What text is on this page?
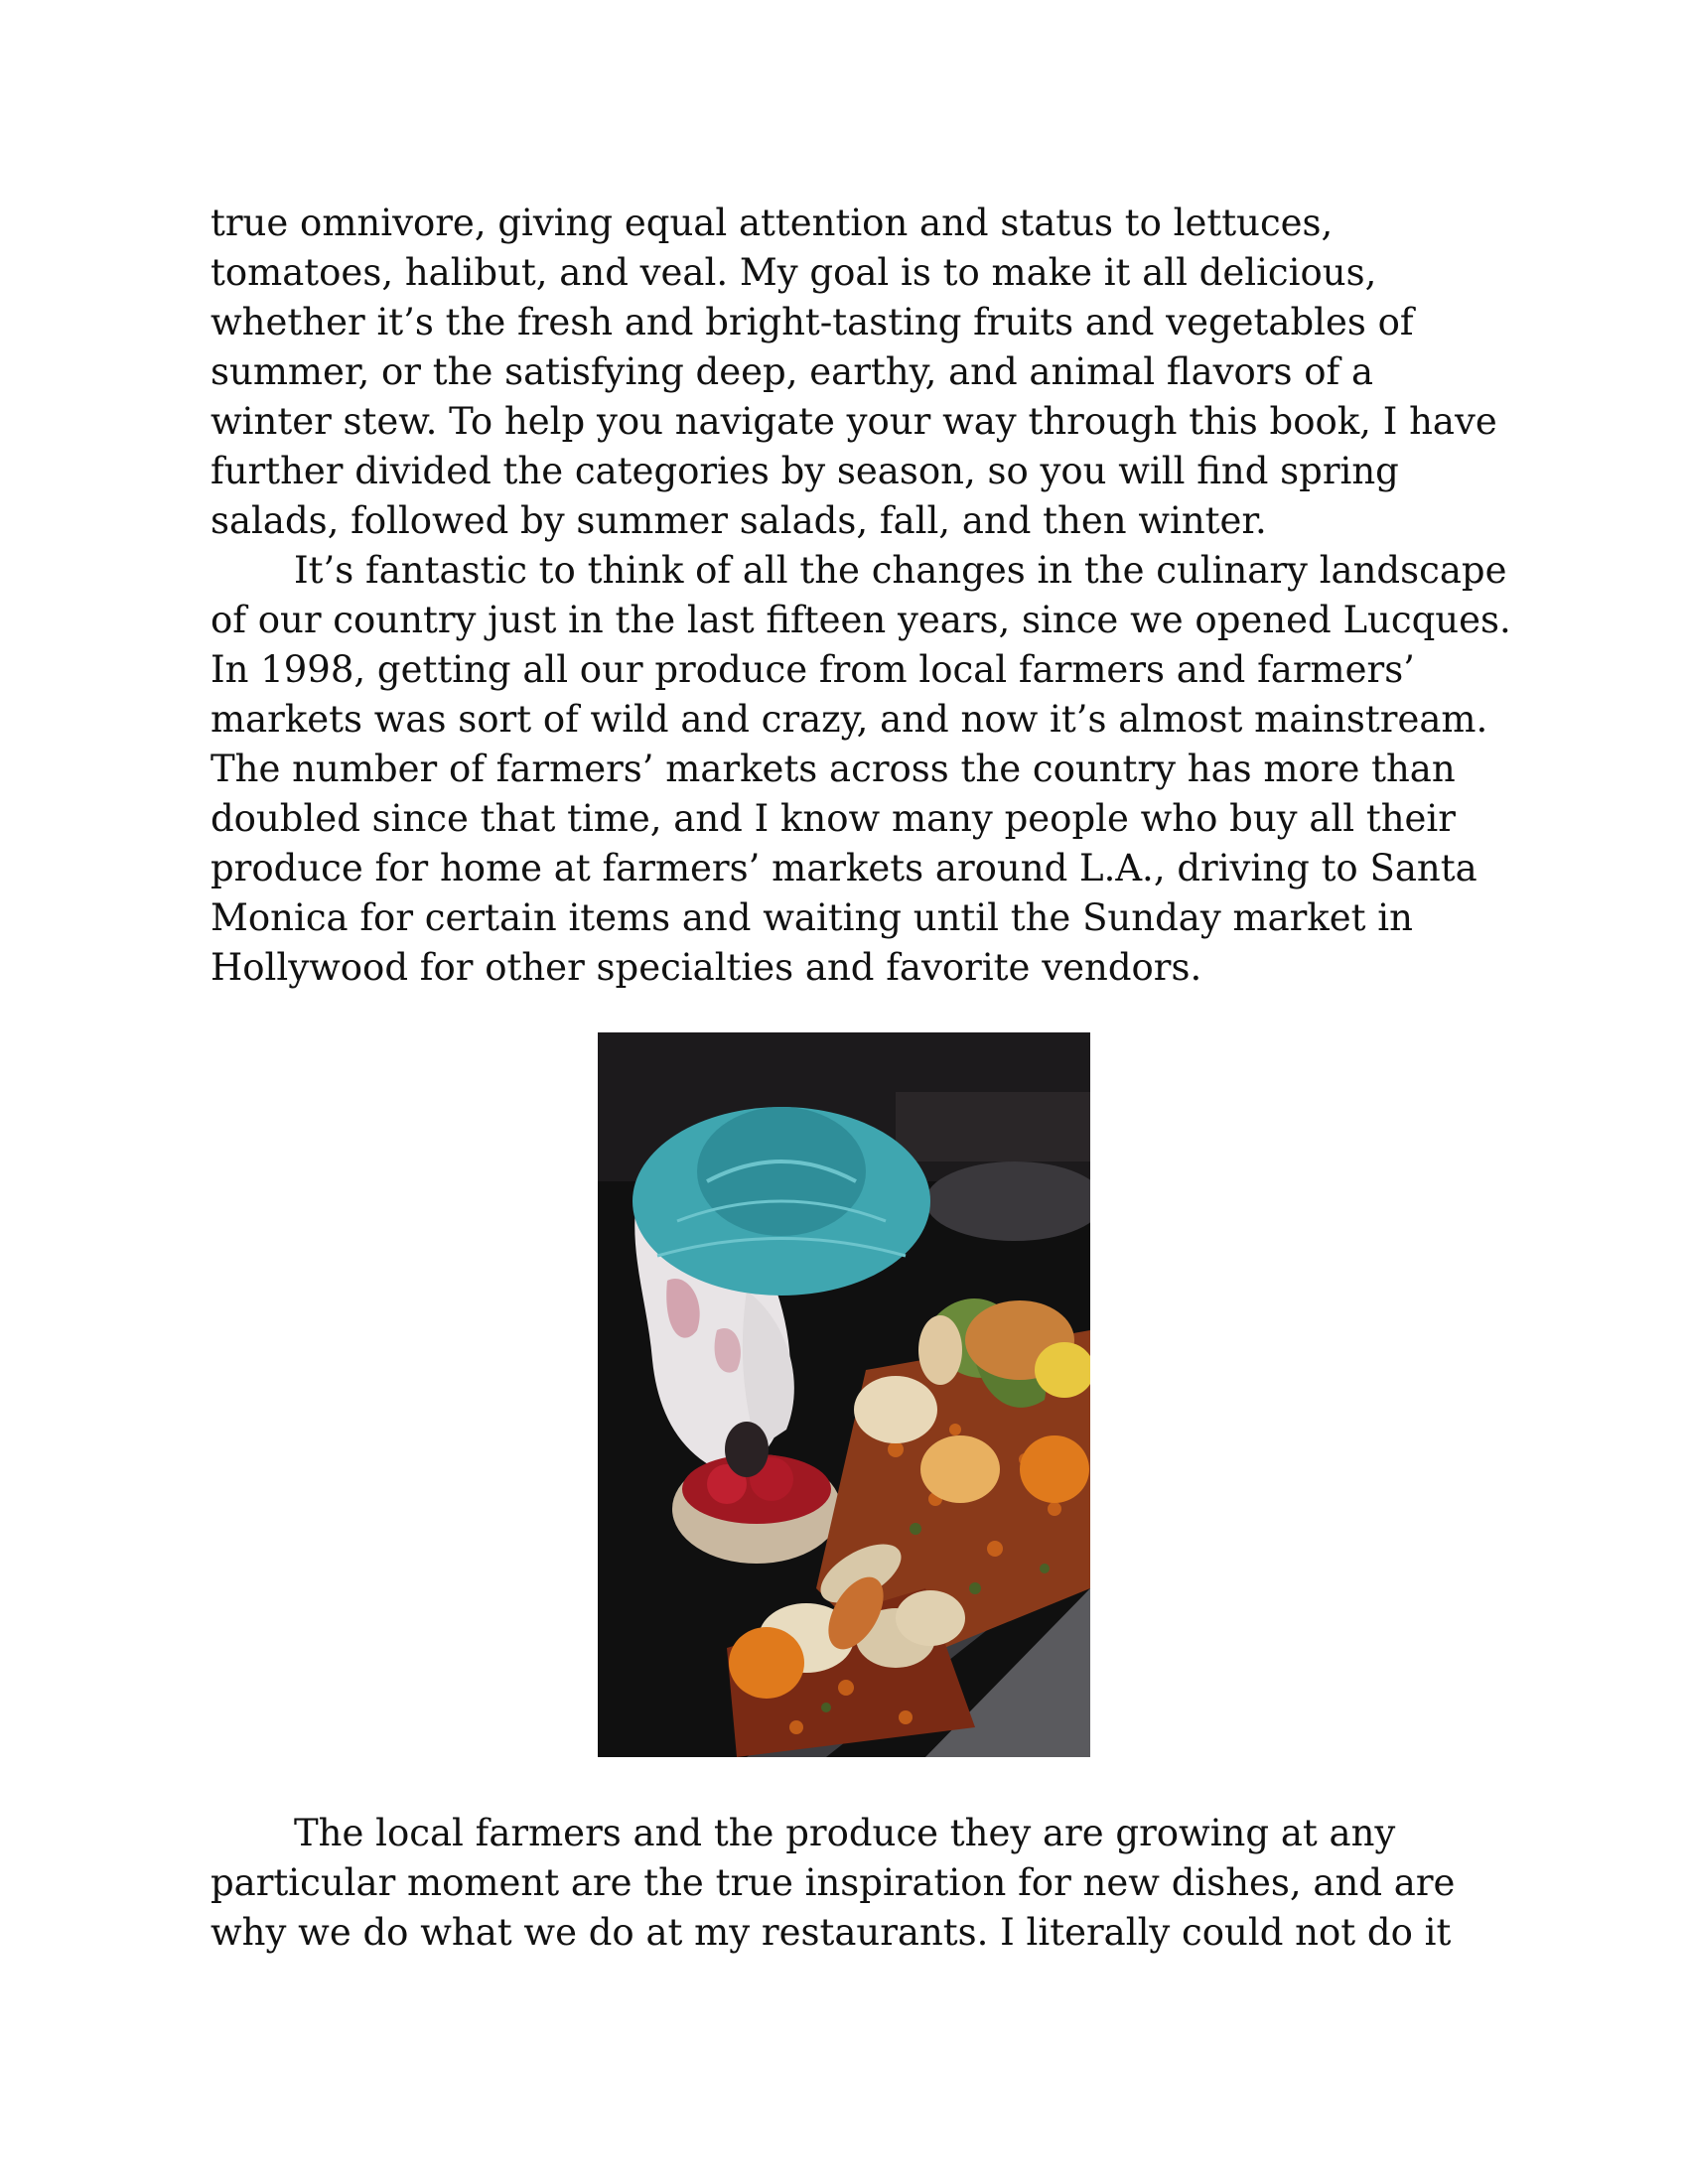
true omnivore, giving equal attention and status to lettuces,
tomatoes, halibut, and veal. My goal is to make it all delicious,
whether it’s the fresh and bright-tasting fruits and vegetables of
summer, or the satisfying deep, earthy, and animal flavors of a
winter stew. To help you navigate your way through this book, I have
further divided the categories by season, so you will find spring
salads, followed by summer salads, fall, and then winter.
It’s fantastic to think of all the changes in the culinary landscape
of our country just in the last fifteen years, since we opened Lucques.
In 1998, getting all our produce from local farmers and farmers’
markets was sort of wild and crazy, and now it’s almost mainstream.
The number of farmers’ markets across the country has more than
doubled since that time, and I know many people who buy all their
produce for home at farmers’ markets around L.A., driving to Santa
Monica for certain items and waiting until the Sunday market in
Hollywood for other specialties and favorite vendors.
The local farmers and the produce they are growing at any
particular moment are the true inspiration for new dishes, and are
why we do what we do at my restaurants. I literally could not do it
